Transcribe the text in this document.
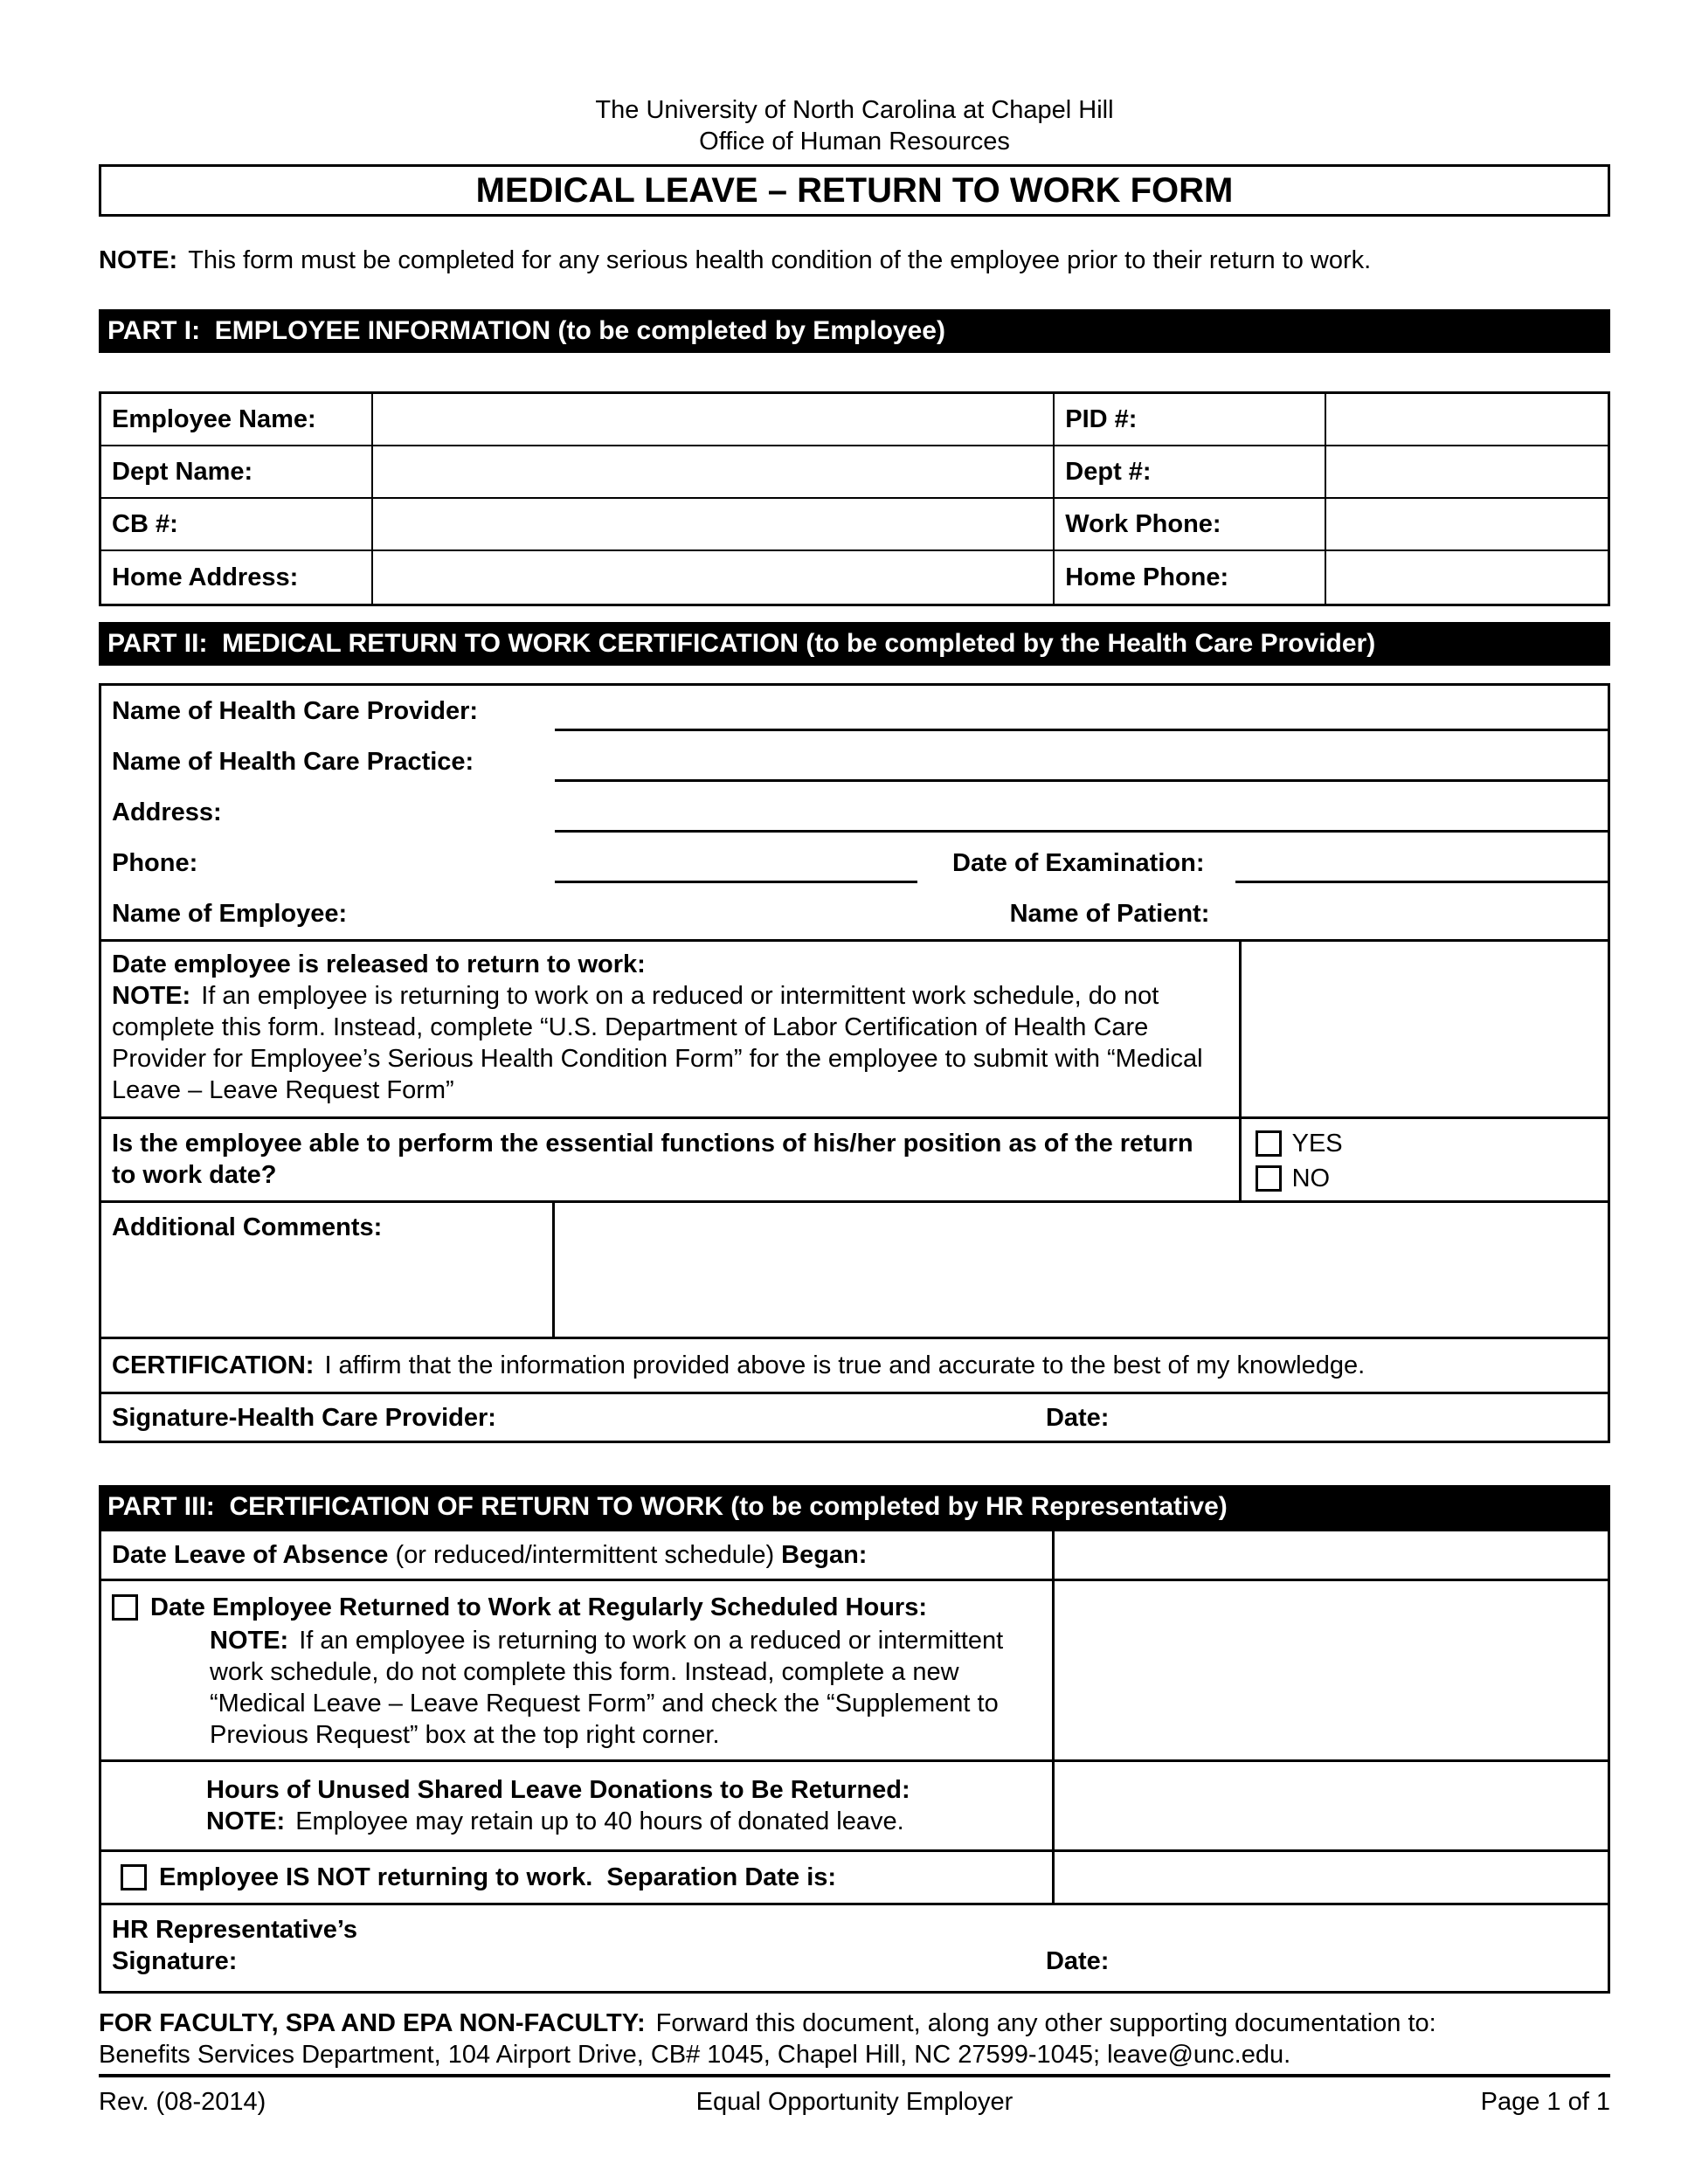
The University of North Carolina at Chapel Hill
Office of Human Resources
MEDICAL LEAVE – RETURN TO WORK FORM
NOTE: This form must be completed for any serious health condition of the employee prior to their return to work.
PART I:  EMPLOYEE INFORMATION (to be completed by Employee)
Employee Name:	PID #:
Dept Name:	Dept #:
CB #:	Work Phone:
Home Address:	Home Phone:
PART II:  MEDICAL RETURN TO WORK CERTIFICATION (to be completed by the Health Care Provider)
Name of Health Care Provider:
Name of Health Care Practice:
Address:
Phone:	Date of Examination:
Name of Employee:	Name of Patient:
Date employee is released to return to work:
NOTE: If an employee is returning to work on a reduced or intermittent work schedule, do not complete this form. Instead, complete “U.S. Department of Labor Certification of Health Care Provider for Employee’s Serious Health Condition Form” for the employee to submit with “Medical Leave – Leave Request Form”
Is the employee able to perform the essential functions of his/her position as of the return to work date?
YES
NO
Additional Comments:
CERTIFICATION: I affirm that the information provided above is true and accurate to the best of my knowledge.
Signature-Health Care Provider:	Date:
PART III:  CERTIFICATION OF RETURN TO WORK (to be completed by HR Representative)
Date Leave of Absence
(or reduced/intermittent schedule)
Began:
Date Employee Returned to Work at Regularly Scheduled Hours:
NOTE: If an employee is returning to work on a reduced or intermittent work schedule, do not complete this form. Instead, complete a new “Medical Leave – Leave Request Form” and check the “Supplement to Previous Request” box at the top right corner.
Hours of Unused Shared Leave Donations to Be Returned:
NOTE: Employee may retain up to 40 hours of donated leave.
Employee IS NOT returning to work.  Separation Date is:
HR Representative’s
Signature:	Date:
FOR FACULTY, SPA AND EPA NON-FACULTY: Forward this document, along any other supporting documentation to:
Benefits Services Department, 104 Airport Drive, CB# 1045, Chapel Hill, NC 27599-1045; leave@unc.edu.
Rev. (08-2014)	Equal Opportunity Employer	Page 1 of 1
